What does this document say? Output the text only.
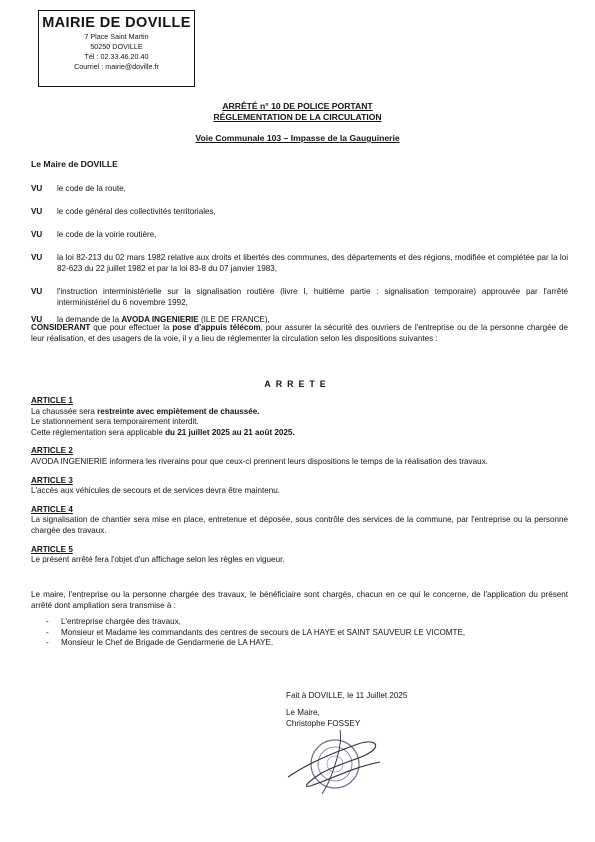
MAIRIE DE DOVILLE
7 Place Saint Martin
50250 DOVILLE
Tél : 02.33.46.20.40
Courriel : mairie@doville.fr
ARRÊTÉ n° 10 DE POLICE PORTANT
RÉGLEMENTATION DE LA CIRCULATION
Voie Communale 103 – Impasse de la Gauguinerie
Le Maire de DOVILLE
VU le code de la route,
VU le code général des collectivités territoriales,
VU le code de la voirie routière,
VU la loi 82-213 du 02 mars 1982 relative aux droits et libertés des communes, des départements et des régions, modifiée et complétée par la loi 82-623 du 22 juillet 1982 et par la loi 83-8 du 07 janvier 1983,
VU l'instruction interministérielle sur la signalisation routière (livre I, huitième partie : signalisation temporaire) approuvée par l'arrêté interministériel du 6 novembre 1992,
VU la demande de la AVODA INGENIERIE (ILE DE FRANCE),
CONSIDERANT que pour effectuer la pose d'appuis télécom, pour assurer la sécurité des ouvriers de l'entreprise ou de la personne chargée de leur réalisation, et des usagers de la voie, il y a lieu de réglementer la circulation selon les dispositions suivantes :
ARRETE
ARTICLE 1
La chaussée sera restreinte avec empiètement de chaussée.
Le stationnement sera temporairement interdit.
Cette réglementation sera applicable du 21 juillet 2025 au 21 août 2025.
ARTICLE 2
AVODA INGENIERIE informera les riverains pour que ceux-ci prennent leurs dispositions le temps de la réalisation des travaux.
ARTICLE 3
L'accès aux véhicules de secours et de services devra être maintenu.
ARTICLE 4
La signalisation de chantier sera mise en place, entretenue et déposée, sous contrôle des services de la commune, par l'entreprise ou la personne chargée des travaux.
ARTICLE 5
Le présent arrêté fera l'objet d'un affichage selon les règles en vigueur.
Le maire, l'entreprise ou la personne chargée des travaux, le bénéficiaire sont chargés, chacun en ce qui le concerne, de l'application du présent arrêté dont ampliation sera transmise à :
- L'entreprise chargée des travaux,
- Monsieur et Madame les commandants des centres de secours de LA HAYE et SAINT SAUVEUR LE VICOMTE,
- Monsieur le Chef de Brigade de Gendarmerie de LA HAYE.
Fait à DOVILLE, le 11 Juillet 2025
Le Maire,
Christophe FOSSEY
